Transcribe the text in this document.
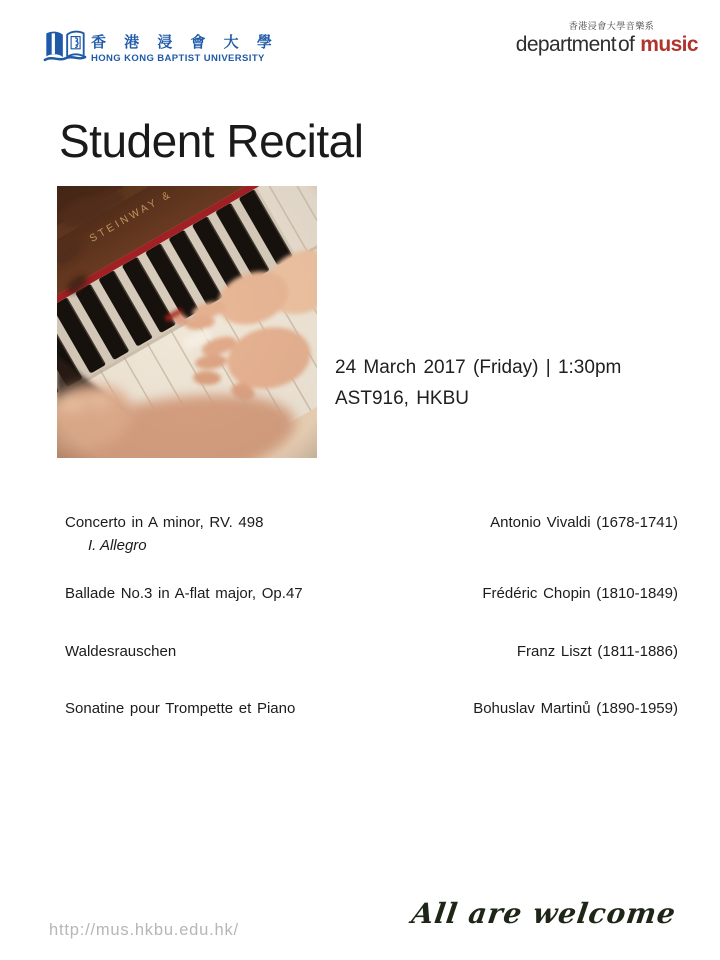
香 港 浸 會 大 學
HONG KONG BAPTIST UNIVERSITY
香港浸會大學音樂系
department of music
Student Recital
24 March 2017 (Friday) | 1:30pm
AST916, HKBU
Concerto in A minor, RV. 498	Antonio Vivaldi (1678-1741)
I. Allegro
Ballade No.3 in A-flat major, Op.47	Frédéric Chopin (1810-1849)
Waldesrauschen	Franz Liszt (1811-1886)
Sonatine pour Trompette et Piano	Bohuslav Martinů (1890-1959)
http://mus.hkbu.edu.hk/	All are welcome
